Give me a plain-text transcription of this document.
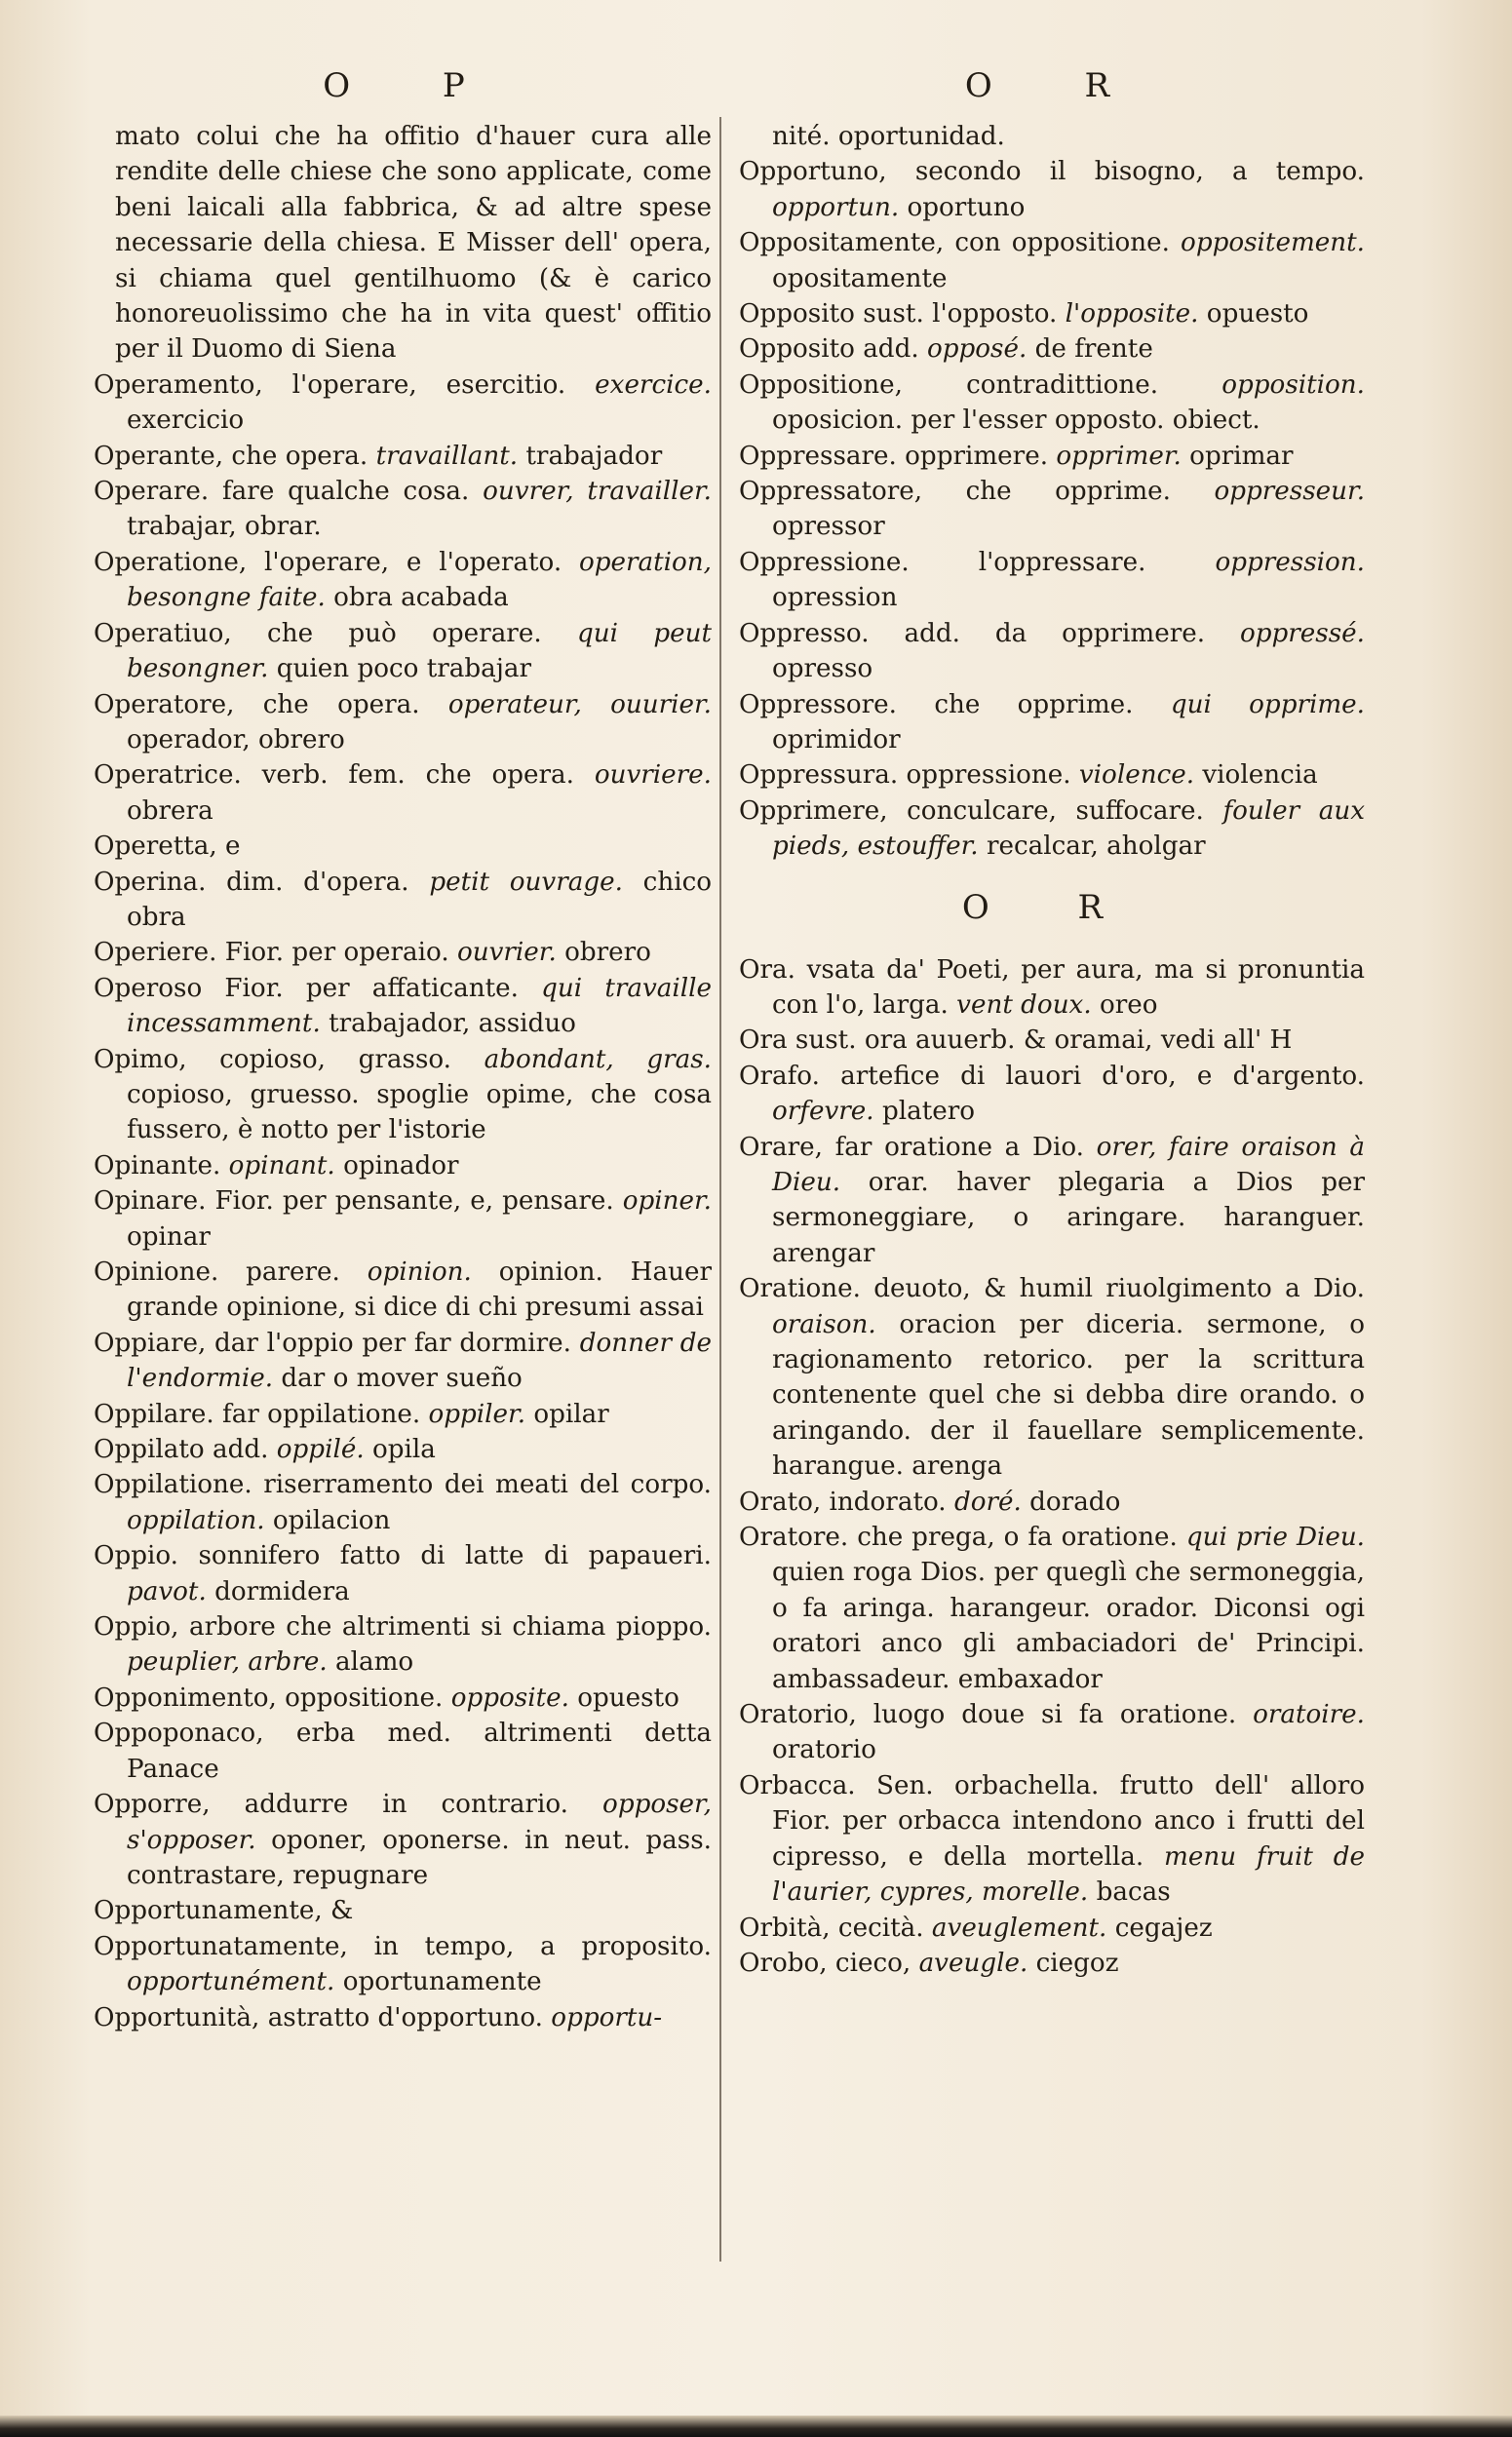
O P	O R

mato colui che ha offitio d'hauer cura alle rendite delle chiese che sono applicate, come beni laicali alla fabbrica, & ad altre spese necessarie della chiesa. E Misser dell' opera, si chiama quel gentilhuomo (& è carico honoreuolissimo che ha in vita quest' offitio per il Duomo di Siena

Operamento, l'operare, esercitio. exercice. exercicio

Operante, che opera. travaillant. trabajador

Operare. fare qualche cosa. ouvrer, travailler. trabajar, obrar.

Operatione, l'operare, e l'operato. operation, besongne faite. obra acabada

Operatiuo, che può operare. qui peut besongner. quien poco trabajar

Operatore, che opera. operateur, ouurier. operador, obrero

Operatrice. verb. fem. che opera. ouvriere. obrera

Operetta, e

Operina. dim. d'opera. petit ouvrage. chico obra

Operiere. Fior. per operaio. ouvrier. obrero

Operoso Fior. per affaticante. qui travaille incessamment. trabajador, assiduo

Opimo, copioso, grasso. abondant, gras. copioso, gruesso. spoglie opime, che cosa fussero, è notto per l'istorie

Opinante. opinant. opinador

Opinare. Fior. per pensante, e, pensare. opiner. opinar

Opinione. parere. opinion. opinion. Hauer grande opinione, si dice di chi presumi assai

Oppiare, dar l'oppio per far dormire. donner de l'endormie. dar o mover sueño

Oppilare. far oppilatione. oppiler. opilar

Oppilato add. oppilé. opila

Oppilatione. riserramento dei meati del corpo. oppilation. opilacion

Oppio. sonnifero fatto di latte di papaueri. pavot. dormidera

Oppio, arbore che altrimenti si chiama pioppo. peuplier, arbre. alamo

Opponimento, oppositione. opposite. opuesto

Oppoponaco, erba med. altrimenti detta Panace

Opporre, addurre in contrario. opposer, s'opposer. oponer, oponerse. in neut. pass. contrastare, repugnare

Opportunamente, &

Opportunatamente, in tempo, a proposito. opportunément. oportunamente

Opportunità, astratto d'opportuno. opportu-

nité. oportunidad.

Opportuno, secondo il bisogno, a tempo. opportun. oportuno

Oppositamente, con oppositione. oppositement. opositamente

Opposito sust. l'opposto. l'opposite. opuesto

Opposito add. opposé. de frente

Oppositione, contradittione. opposition. oposicion. per l'esser opposto. obiect.

Oppressare. opprimere. opprimer. oprimar

Oppressatore, che opprime. oppresseur. opressor

Oppressione. l'oppressare.	oppression. opression

Oppresso. add. da opprimere. oppressé. opresso

Oppressore. che opprime. qui opprime. oprimidor

Oppressura. oppressione. violence. violencia

Opprimere, conculcare, suffocare. fouler aux pieds, estouffer. recalcar, aholgar

O R

Ora. vsata da' Poeti, per aura, ma si pronuntia con l'o, larga. vent doux. oreo

Ora sust. ora auuerb. & oramai, vedi all' H

Orafo. artefice di lauori d'oro, e d'argento. orfevre. platero

Orare, far oratione a Dio. orer, faire oraison à Dieu. orar. haver plegaria a Dios per sermoneggiare, o aringare. haranguer. arengar

Oratione. deuoto, & humil riuolgimento a Dio. oraison. oracion per diceria. sermone, o ragionamento retorico. per la scrittura contenente quel che si debba dire orando. o aringando. der il fauellare semplicemente. harangue. arenga

Orato, indorato. doré. dorado

Oratore. che prega, o fa oratione. qui prie Dieu. quien roga Dios. per queglì che sermoneggia, o fa aringa. harangeur. orador. Diconsi ogi oratori anco gli ambaciadori de' Principi. ambassadeur. embaxador

Oratorio, luogo doue si fa oratione. oratoire. oratorio

Orbacca. Sen. orbachella. frutto dell' alloro Fior. per orbacca intendono anco i frutti del cipresso, e della mortella. menu fruit de l'aurier, cypres, morelle. bacas

Orbità, cecità. aveuglement. cegajez

Orobo, cieco, aveugle. ciegoz
